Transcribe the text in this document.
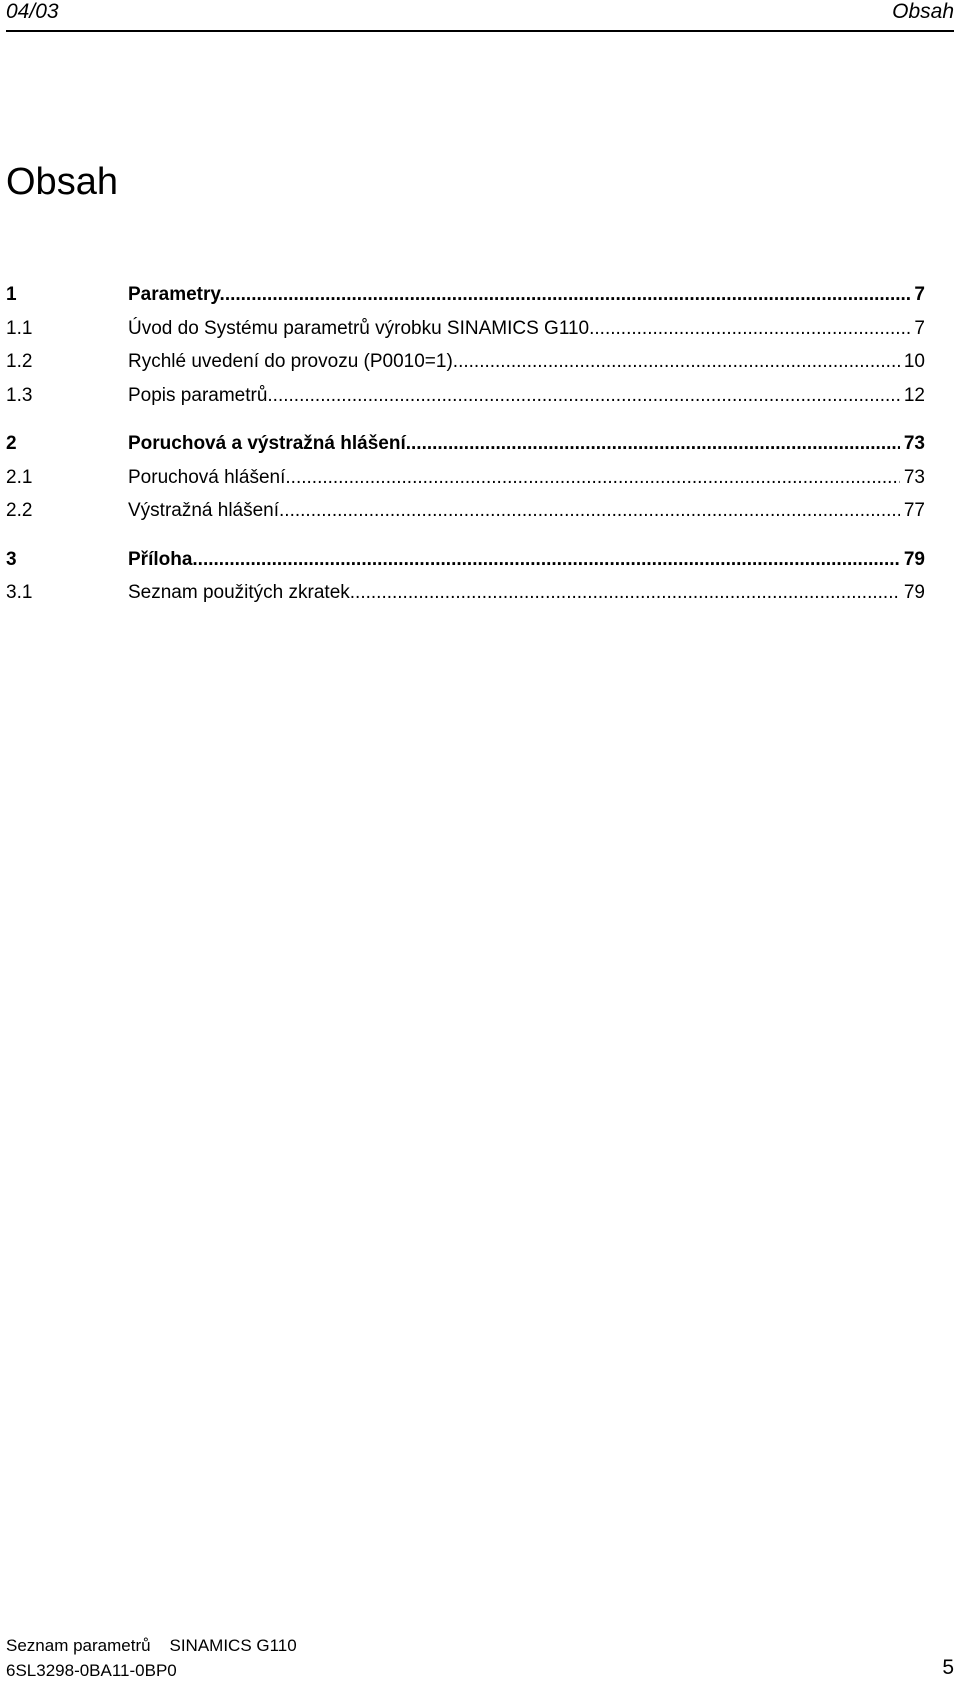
04/03	Obsah
Obsah
1	Parametry.... .....	7
1.1	Úvod do Systému parametrů výrobku SINAMICS G110 .....	7
1.2	Rychlé uvedení do provozu (P0010=1) .....	10
1.3	Popis parametrů .....	12
2	Poruchová a výstražná hlášení .....	73
2.1	Poruchová hlášení .....	73
2.2	Výstražná hlášení .....	77
3	Příloha... .....	79
3.1	Seznam použitých zkratek .....	79
Seznam parametrů SINAMICS G110
6SL3298-0BA11-0BP0	5
